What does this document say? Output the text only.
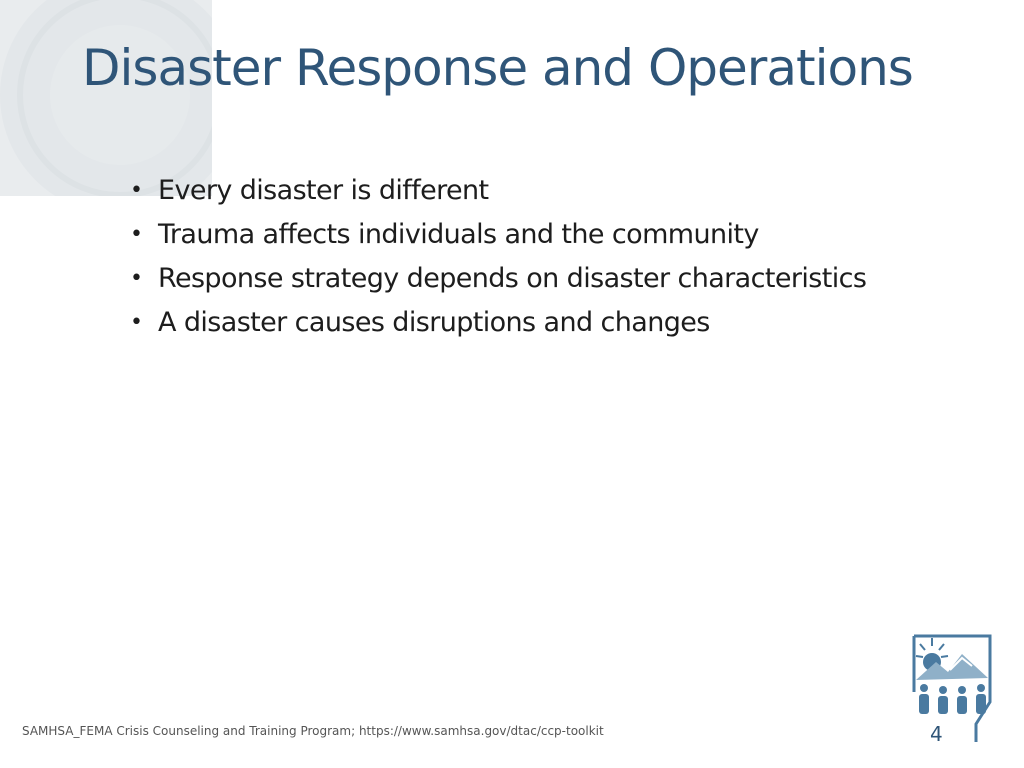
Disaster Response and Operations
• Every disaster is different
• Trauma affects individuals and the community
• Response strategy depends on disaster characteristics
• A disaster causes disruptions and changes
SAMHSA_FEMA Crisis Counseling and Training Program; https://www.samhsa.gov/dtac/ccp-toolkit	4
